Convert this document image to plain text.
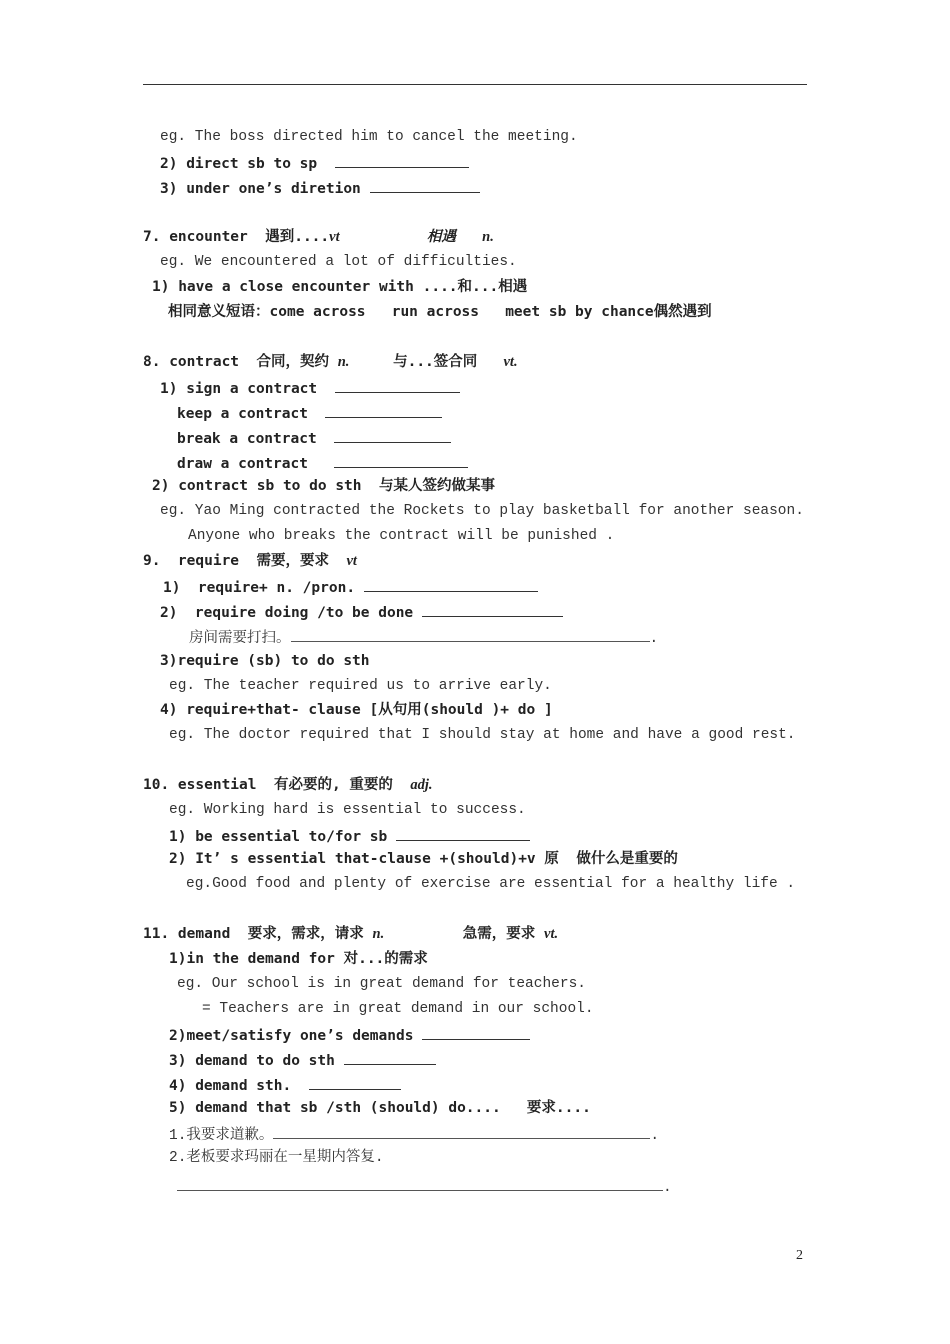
eg. The boss directed him to cancel the meeting.
2) direct sb to sp
3) under one’s diretion
7. encounter  遇到....vt	相遇 n.
eg. We encountered a lot of difficulties.
1) have a close encounter with ....和...相遇
相同意义短语：come across   run across   meet sb by chance偶然遇到
8. contract  合同，契约 n.	与...签合同 vt.
1) sign a contract
keep a contract
break a contract
draw a contract
2) contract sb to do sth  与某人签约做某事
eg. Yao Ming contracted the Rockets to play basketball for another season.
Anyone who breaks the contract will be punished .
9.  require  需要，要求 vt
1)  require+ n. /pron.
2)  require doing /to be done
房间需要打扫。	.
3)require (sb) to do sth
eg. The teacher required us to arrive early.
4) require+that- clause [从句用(should )+ do ]
eg. The doctor required that I should stay at home and have a good rest.
10. essential  有必要的, 重要的 adj.
eg. Working hard is essential to success.
1) be essential to/for sb
2) It’ s essential that-clause +(should)+v 原  做什么是重要的
eg.Good food and plenty of exercise are essential for a healthy life .
11. demand  要求，需求，请求 n.	急需，要求 vt.
1)in the demand for 对...的需求
eg. Our school is in great demand for teachers.
= Teachers are in great demand in our school.
2)meet/satisfy one’s demands
3) demand to do sth
4) demand sth.
5) demand that sb /sth (should) do....   要求....
1.我要求道歉。	.
2.老板要求玛丽在一星期内答复.
.
2
